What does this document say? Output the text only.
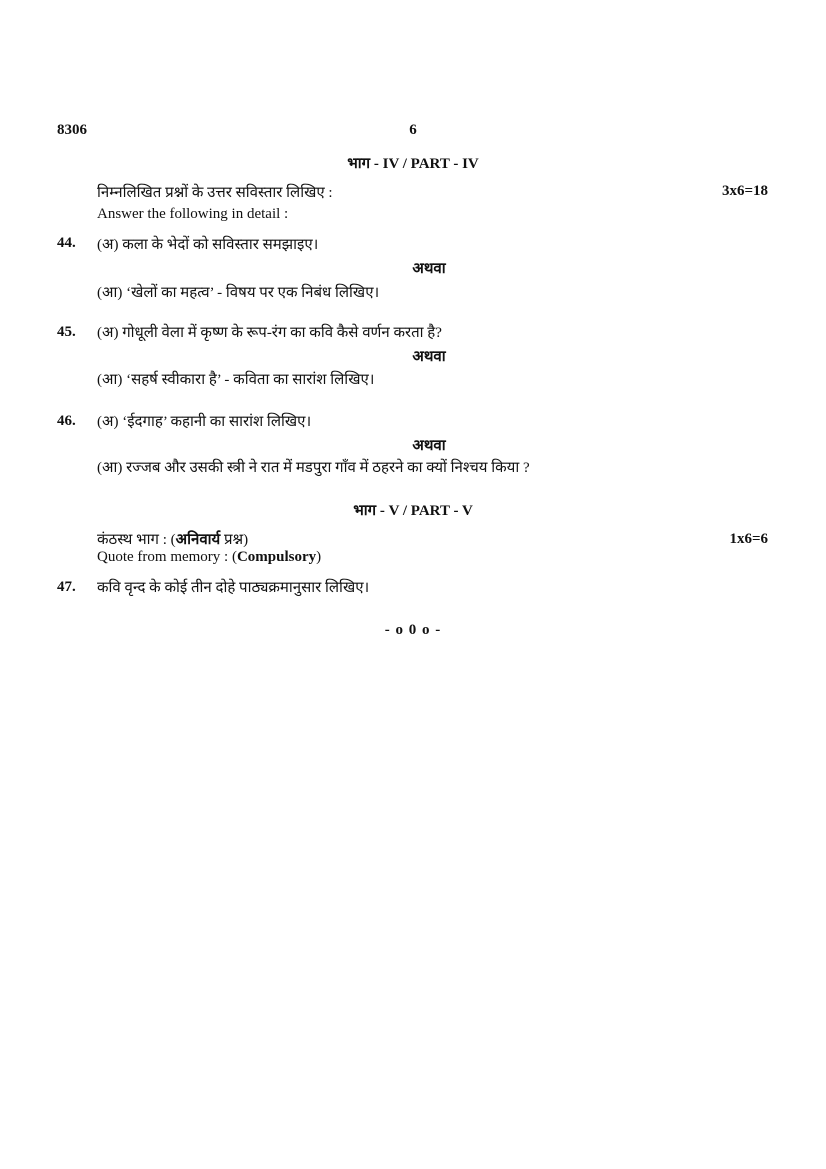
8306	6
भाग - IV / PART - IV
निम्नलिखित प्रश्नों के उत्तर सविस्तार लिखिए :	3x6=18
Answer the following in detail :
44. (अ) कला के भेदों को सविस्तार समझाइए।
अथवा
(आ) ‘खेलों का महत्व’ - विषय पर एक निबंध लिखिए।
45. (अ) गोधूली वेला में कृष्ण के रूप-रंग का कवि कैसे वर्णन करता है?
अथवा
(आ) ‘सहर्ष स्वीकारा है’ - कविता का सारांश लिखिए।
46. (अ) ‘ईदगाह’ कहानी का सारांश लिखिए।
अथवा
(आ) रज्जब और उसकी स्त्री ने रात में मडपुरा गाँव में ठहरने का क्यों निश्चय किया ?
भाग - V / PART - V
कंठस्थ भाग : (अनिवार्य प्रश्न)	1x6=6
Quote from memory : (Compulsory)
47. कवि वृन्द के कोई तीन दोहे पाठ्यक्रमानुसार लिखिए।
- o 0 o -
